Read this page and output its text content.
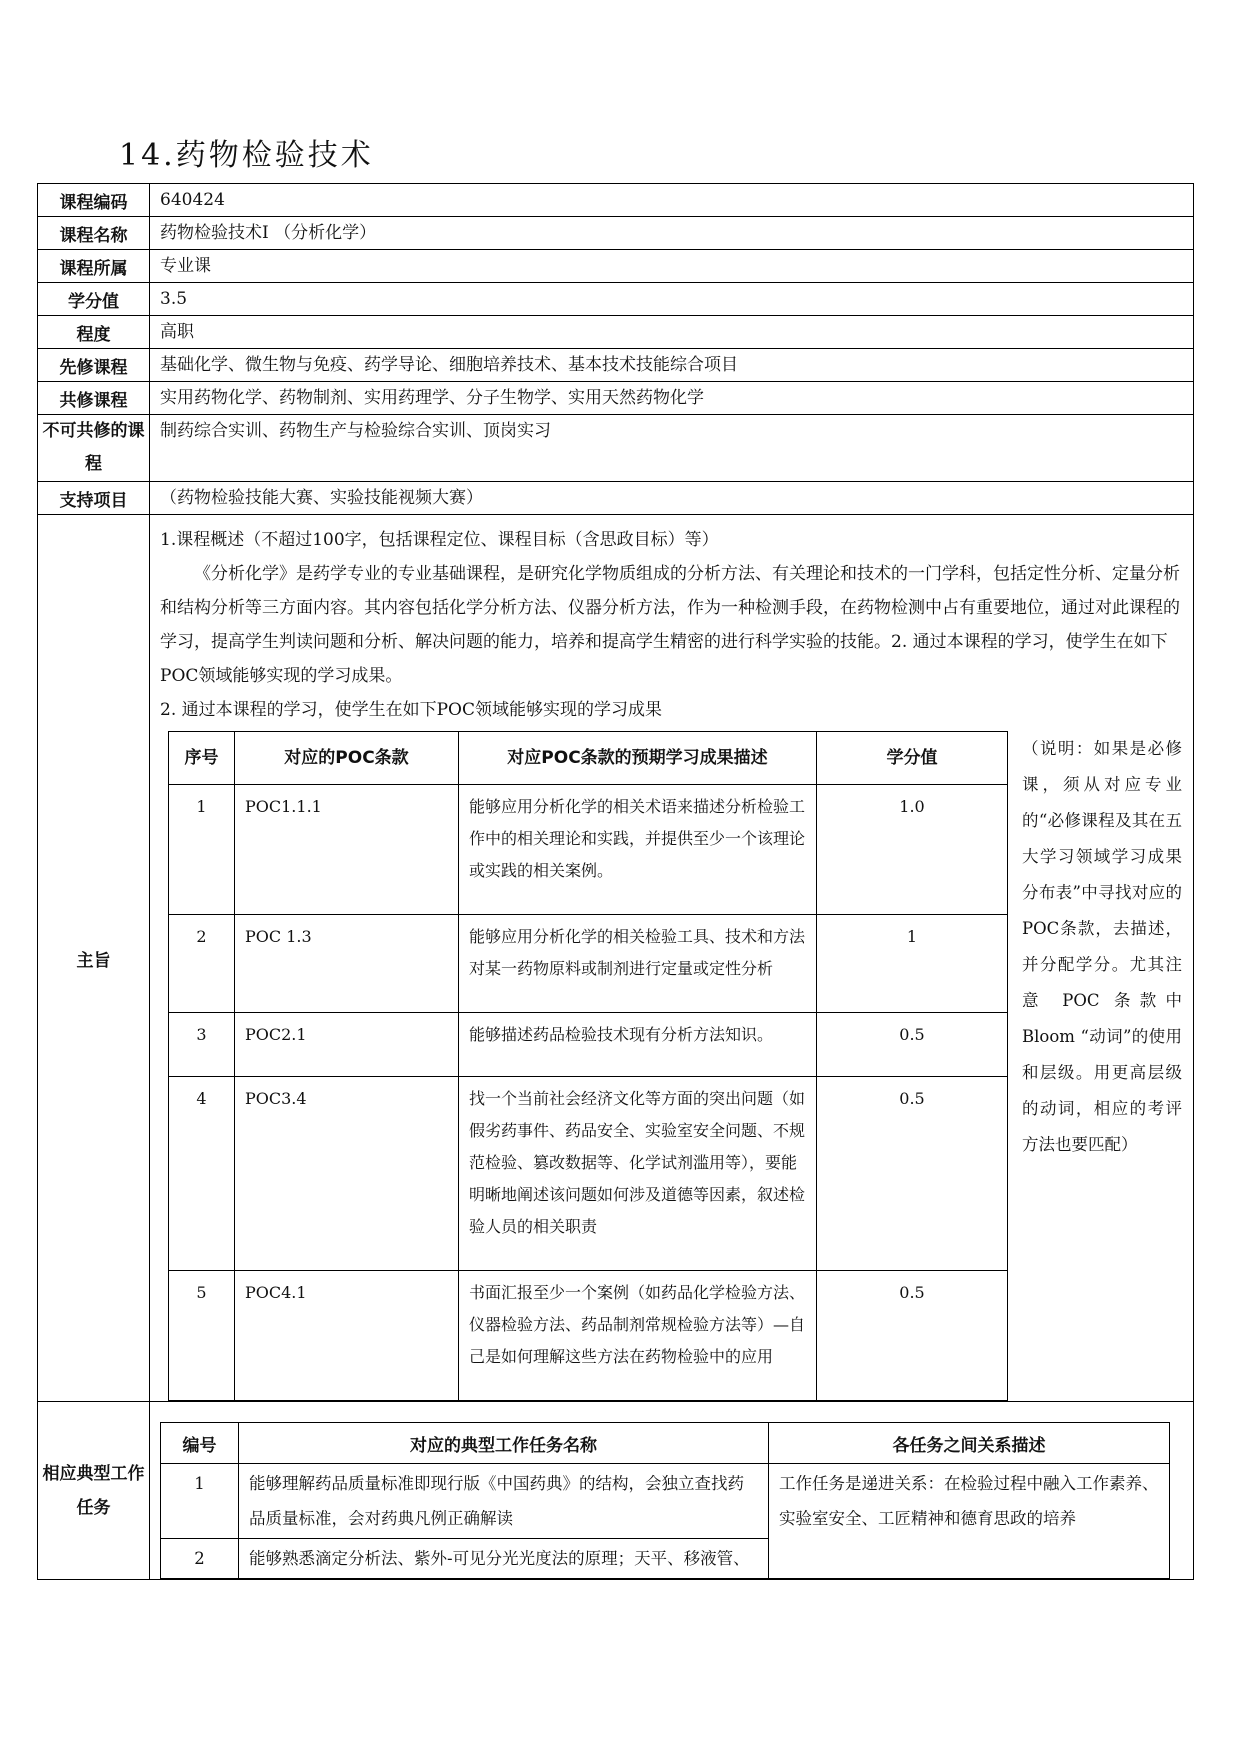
14.药物检验技术
课程编码	640424
课程名称	药物检验技术Ⅰ （分析化学）
课程所属	专业课
学分值	3.5
程度	高职
先修课程	基础化学、微生物与免疫、药学导论、细胞培养技术、基本技术技能综合项目
共修课程	实用药物化学、药物制剂、实用药理学、分子生物学、实用天然药物化学
不可共修的课程	制药综合实训、药物生产与检验综合实训、顶岗实习
支持项目	（药物检验技能大赛、实验技能视频大赛）
主旨	
1.课程概述（不超过100字，包括课程定位、课程目标（含思政目标）等）
《分析化学》是药学专业的专业基础课程，是研究化学物质组成的分析方法、有关理论和技术的一门学科，包括定性分析、定量分析和结构分析等三方面内容。其内容包括化学分析方法、仪器分析方法，作为一种检测手段，在药物检测中占有重要地位，通过对此课程的学习，提高学生判读问题和分析、解决问题的能力，培养和提高学生精密的进行科学实验的技能。2. 通过本课程的学习，使学生在如下POC领域能够实现的学习成果。
2. 通过本课程的学习，使学生在如下POC领域能够实现的学习成果
序号	对应的POC条款	对应POC条款的预期学习成果描述	学分值
1	POC1.1.1	能够应用分析化学的相关术语来描述分析检验工作中的相关理论和实践，并提供至少一个该理论或实践的相关案例。	1.0
2	POC 1.3	能够应用分析化学的相关检验工具、技术和方法对某一药物原料或制剂进行定量或定性分析	1
3	POC2.1	能够描述药品检验技术现有分析方法知识。	0.5
4	POC3.4	找一个当前社会经济文化等方面的突出问题（如假劣药事件、药品安全、实验室安全问题、不规范检验、篡改数据等、化学试剂滥用等），要能明晰地阐述该问题如何涉及道德等因素，叙述检验人员的相关职责	0.5
5	POC4.1	书面汇报至少一个案例（如药品化学检验方法、仪器检验方法、药品制剂常规检验方法等）—自己是如何理解这些方法在药物检验中的应用	0.5
（说明：如果是必修课，须从对应专业的“必修课程及其在五大学习领域学习成果分布表”中寻找对应的POC条款，去描述，并分配学分。尤其注意 POC 条款中 Bloom “动词”的使用和层级。用更高层级的动词，相应的考评方法也要匹配）

相应典型工作任务	
编号	对应的典型工作任务名称	各任务之间关系描述
1	能够理解药品质量标准即现行版《中国药典》的结构，会独立查找药品质量标准，会对药典凡例正确解读	工作任务是递进关系：在检验过程中融入工作素养、实验室安全、工匠精神和德育思政的培养
2	能够熟悉滴定分析法、紫外-可见分光光度法的原理；天平、移液管、
